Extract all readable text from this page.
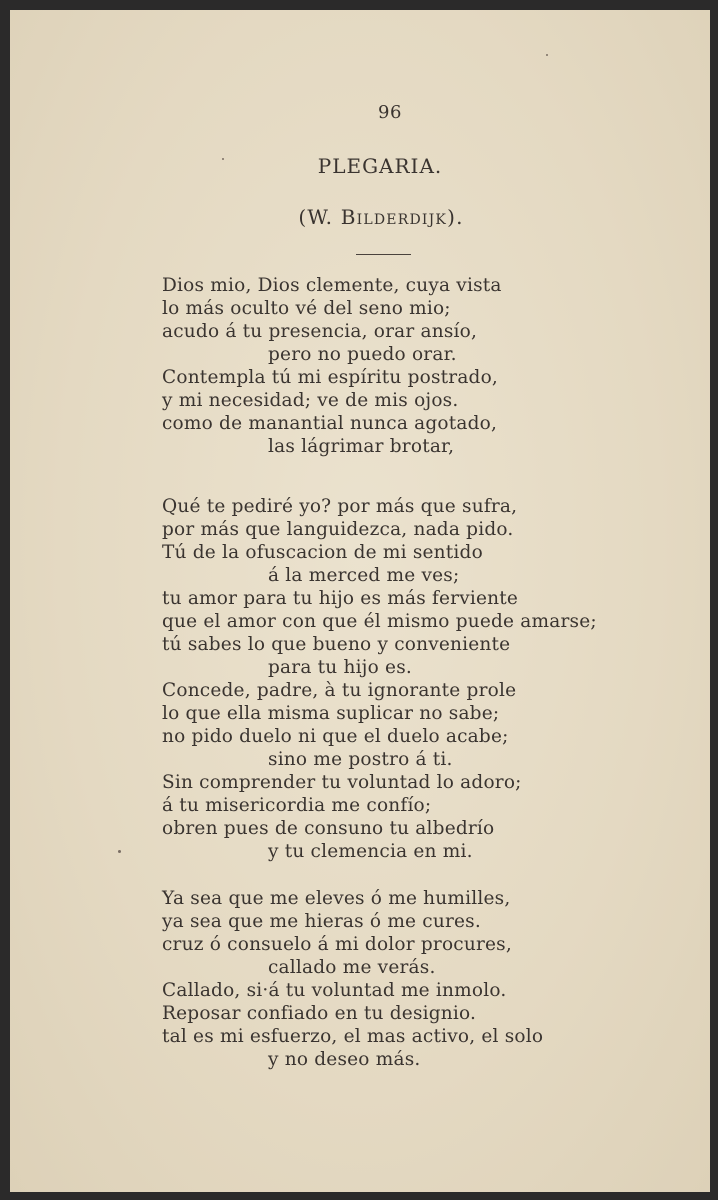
96
PLEGARIA.
(W. Bilderdijk).
Dios mio, Dios clemente, cuya vista
lo más oculto vé del seno mio;
acudo á tu presencia, orar ansío,
pero no puedo orar.
Contempla tú mi espíritu postrado,
y mi necesidad; ve de mis ojos.
como de manantial nunca agotado,
las lágrimar brotar,
Qué te pediré yo? por más que sufra,
por más que languidezca, nada pido.
Tú de la ofuscacion de mi sentido
á la merced me ves;
tu amor para tu hijo es más ferviente
que el amor con que él mismo puede amarse;
tú sabes lo que bueno y conveniente
para tu hijo es.
Concede, padre, à tu ignorante prole
lo que ella misma suplicar no sabe;
no pido duelo ni que el duelo acabe;
sino me postro á ti.
Sin comprender tu voluntad lo adoro;
á tu misericordia me confío;
obren pues de consuno tu albedrío
y tu clemencia en mi.
Ya sea que me eleves ó me humilles,
ya sea que me hieras ó me cures.
cruz ó consuelo á mi dolor procures,
callado me verás.
Callado, si·á tu voluntad me inmolo.
Reposar confiado en tu designio.
tal es mi esfuerzo, el mas activo, el solo
y no deseo más.
